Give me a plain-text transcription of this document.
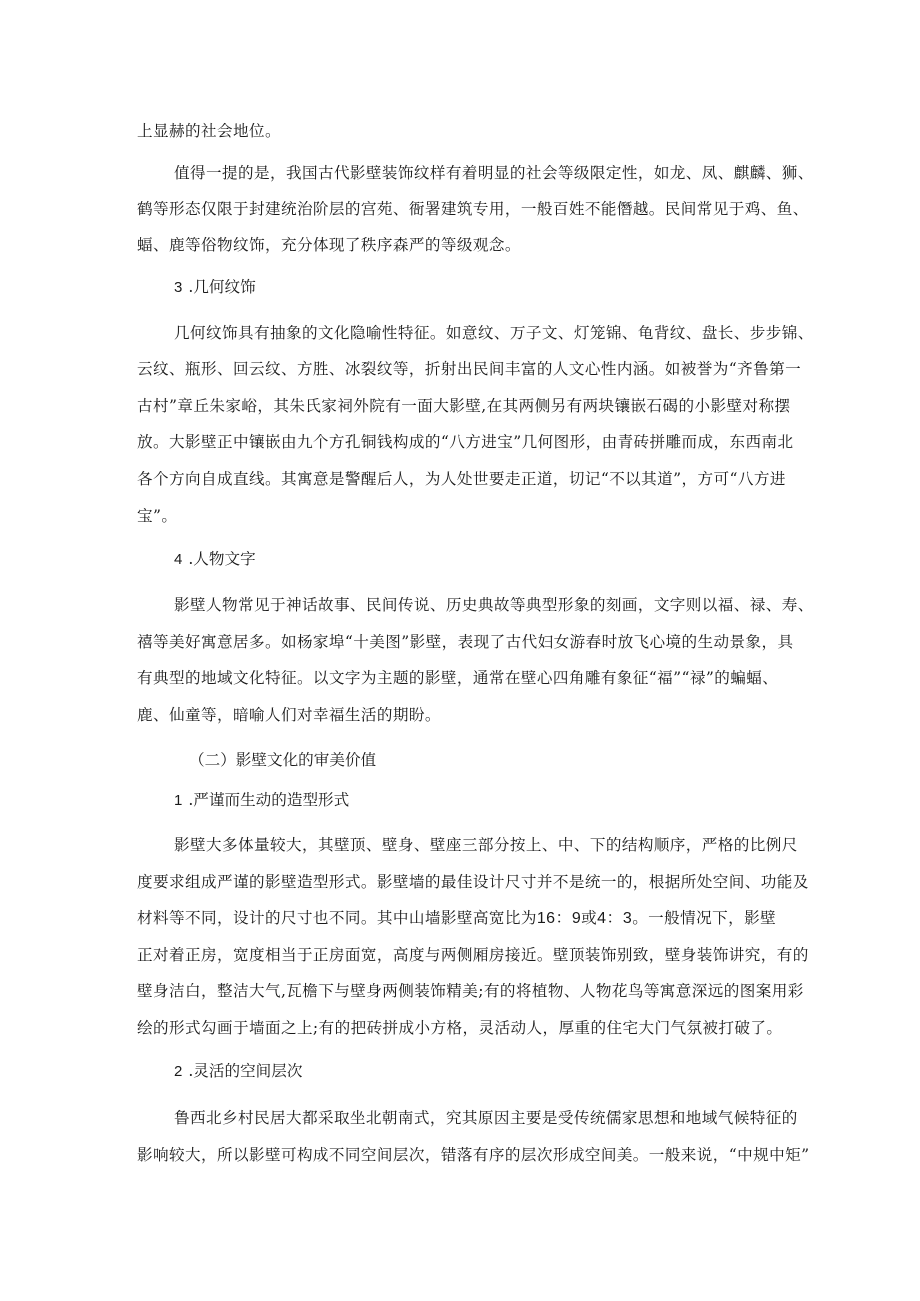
上显赫的社会地位。
值得一提的是，我国古代影壁装饰纹样有着明显的社会等级限定性，如龙、凤、麒麟、狮、
鹤等形态仅限于封建统治阶层的宫苑、衙署建筑专用，一般百姓不能僭越。民间常见于鸡、鱼、
蝠、鹿等俗物纹饰，充分体现了秩序森严的等级观念。
3 .几何纹饰
几何纹饰具有抽象的文化隐喻性特征。如意纹、万子文、灯笼锦、龟背纹、盘长、步步锦、
云纹、瓶形、回云纹、方胜、冰裂纹等，折射出民间丰富的人文心性内涵。如被誉为“齐鲁第一
古村”章丘朱家峪，其朱氏家祠外院有一面大影壁,在其两侧另有两块镶嵌石碣的小影壁对称摆
放。大影壁正中镶嵌由九个方孔铜钱构成的“八方进宝”几何图形，由青砖拼雕而成，东西南北
各个方向自成直线。其寓意是警醒后人，为人处世要走正道，切记“不以其道”，方可“八方进
宝”。
4 .人物文字
影壁人物常见于神话故事、民间传说、历史典故等典型形象的刻画，文字则以福、禄、寿、
禧等美好寓意居多。如杨家埠“十美图”影壁，表现了古代妇女游春时放飞心境的生动景象，具
有典型的地域文化特征。以文字为主题的影壁，通常在壁心四角雕有象征“福”“禄”的蝙蝠、
鹿、仙童等，暗喻人们对幸福生活的期盼。
（二）影壁文化的审美价值
1 .严谨而生动的造型形式
影壁大多体量较大，其壁顶、壁身、壁座三部分按上、中、下的结构顺序，严格的比例尺
度要求组成严谨的影壁造型形式。影壁墙的最佳设计尺寸并不是统一的，根据所处空间、功能及
材料等不同，设计的尺寸也不同。其中山墙影壁高宽比为16：9或4：3。一般情况下，影壁
正对着正房，宽度相当于正房面宽，高度与两侧厢房接近。壁顶装饰别致，壁身装饰讲究，有的
壁身洁白，整洁大气,瓦檐下与壁身两侧装饰精美;有的将植物、人物花鸟等寓意深远的图案用彩
绘的形式勾画于墙面之上;有的把砖拼成小方格，灵活动人，厚重的住宅大门气氛被打破了。
2 .灵活的空间层次
鲁西北乡村民居大都采取坐北朝南式，究其原因主要是受传统儒家思想和地域气候特征的
影响较大，所以影壁可构成不同空间层次，错落有序的层次形成空间美。一般来说，“中规中矩”
